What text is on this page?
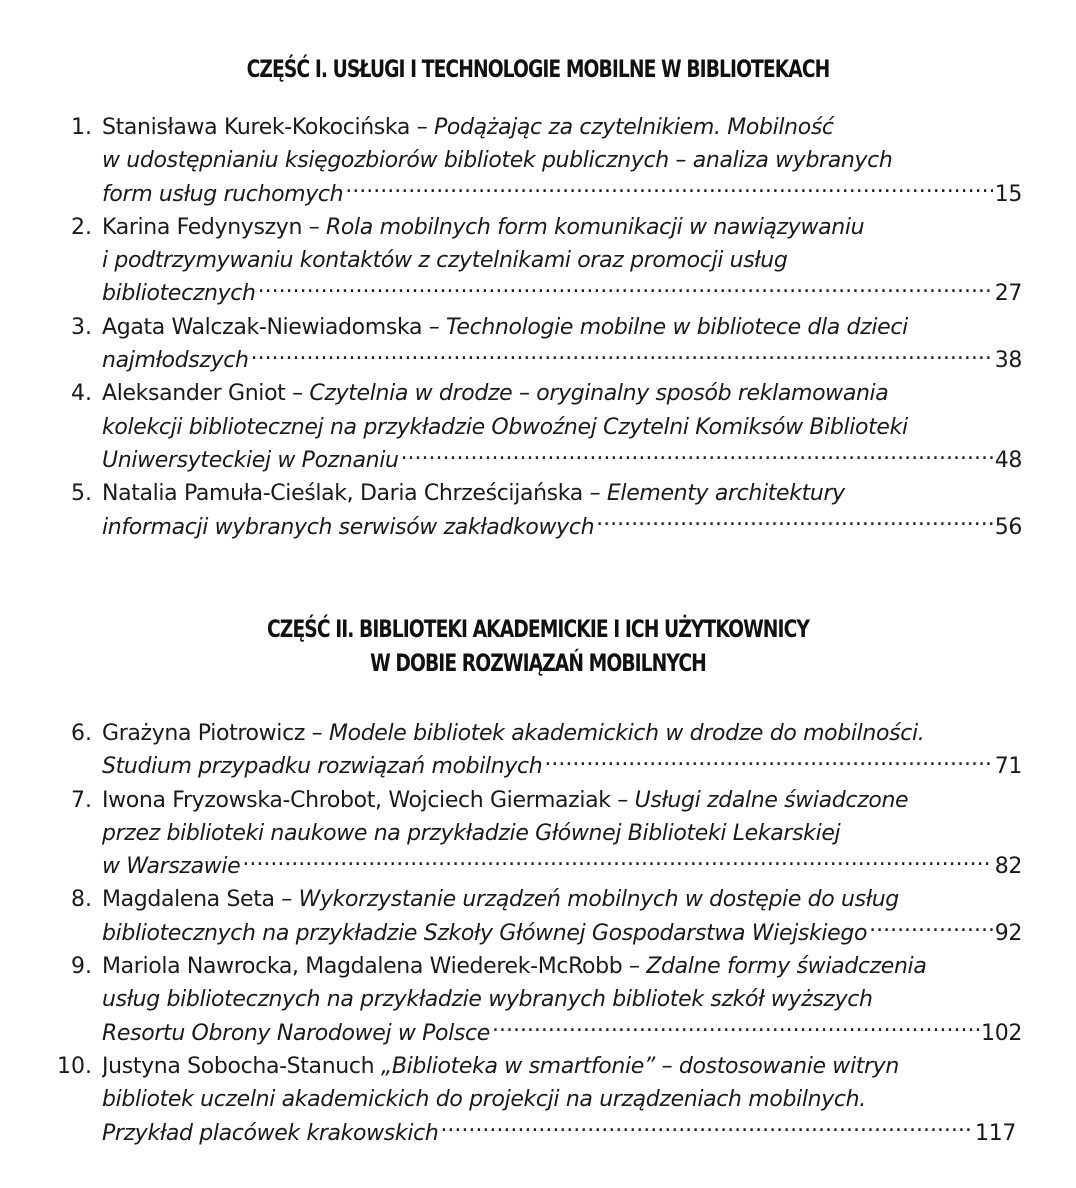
CZĘŚĆ I. USŁUGI I TECHNOLOGIE MOBILNE W BIBLIOTEKACH
1. Stanisława Kurek-Kokocińska – Podążając za czytelnikiem. Mobilność
w udostępnianiu księgozbiorów bibliotek publicznych – analiza wybranych
form usług ruchomych .....	15
2. Karina Fedynyszyn – Rola mobilnych form komunikacji w nawiązywaniu
i podtrzymywaniu kontaktów z czytelnikami oraz promocji usług
bibliotecznych .....	27
3. Agata Walczak-Niewiadomska – Technologie mobilne w bibliotece dla dzieci
najmłodszych .....	38
4. Aleksander Gniot – Czytelnia w drodze – oryginalny sposób reklamowania
kolekcji bibliotecznej na przykładzie Obwoźnej Czytelni Komiksów Biblioteki
Uniwersyteckiej w Poznaniu .....	48
5. Natalia Pamuła-Cieślak, Daria Chrześcijańska – Elementy architektury
informacji wybranych serwisów zakładkowych .....	56
CZĘŚĆ II. BIBLIOTEKI AKADEMICKIE I ICH UŻYTKOWNICY
W DOBIE ROZWIĄZAŃ MOBILNYCH
6. Grażyna Piotrowicz – Modele bibliotek akademickich w drodze do mobilności.
Studium przypadku rozwiązań mobilnych .....	71
7. Iwona Fryzowska-Chrobot, Wojciech Giermaziak – Usługi zdalne świadczone
przez biblioteki naukowe na przykładzie Głównej Biblioteki Lekarskiej
w Warszawie .....	82
8. Magdalena Seta – Wykorzystanie urządzeń mobilnych w dostępie do usług
bibliotecznych na przykładzie Szkoły Głównej Gospodarstwa Wiejskiego .....	92
9. Mariola Nawrocka, Magdalena Wiederek-McRobb – Zdalne formy świadczenia
usług bibliotecznych na przykładzie wybranych bibliotek szkół wyższych
Resortu Obrony Narodowej w Polsce .....	102
10. Justyna Sobocha-Stanuch „Biblioteka w smartfonie” – dostosowanie witryn
bibliotek uczelni akademickich do projekcji na urządzeniach mobilnych.
Przykład placówek krakowskich .....	117
